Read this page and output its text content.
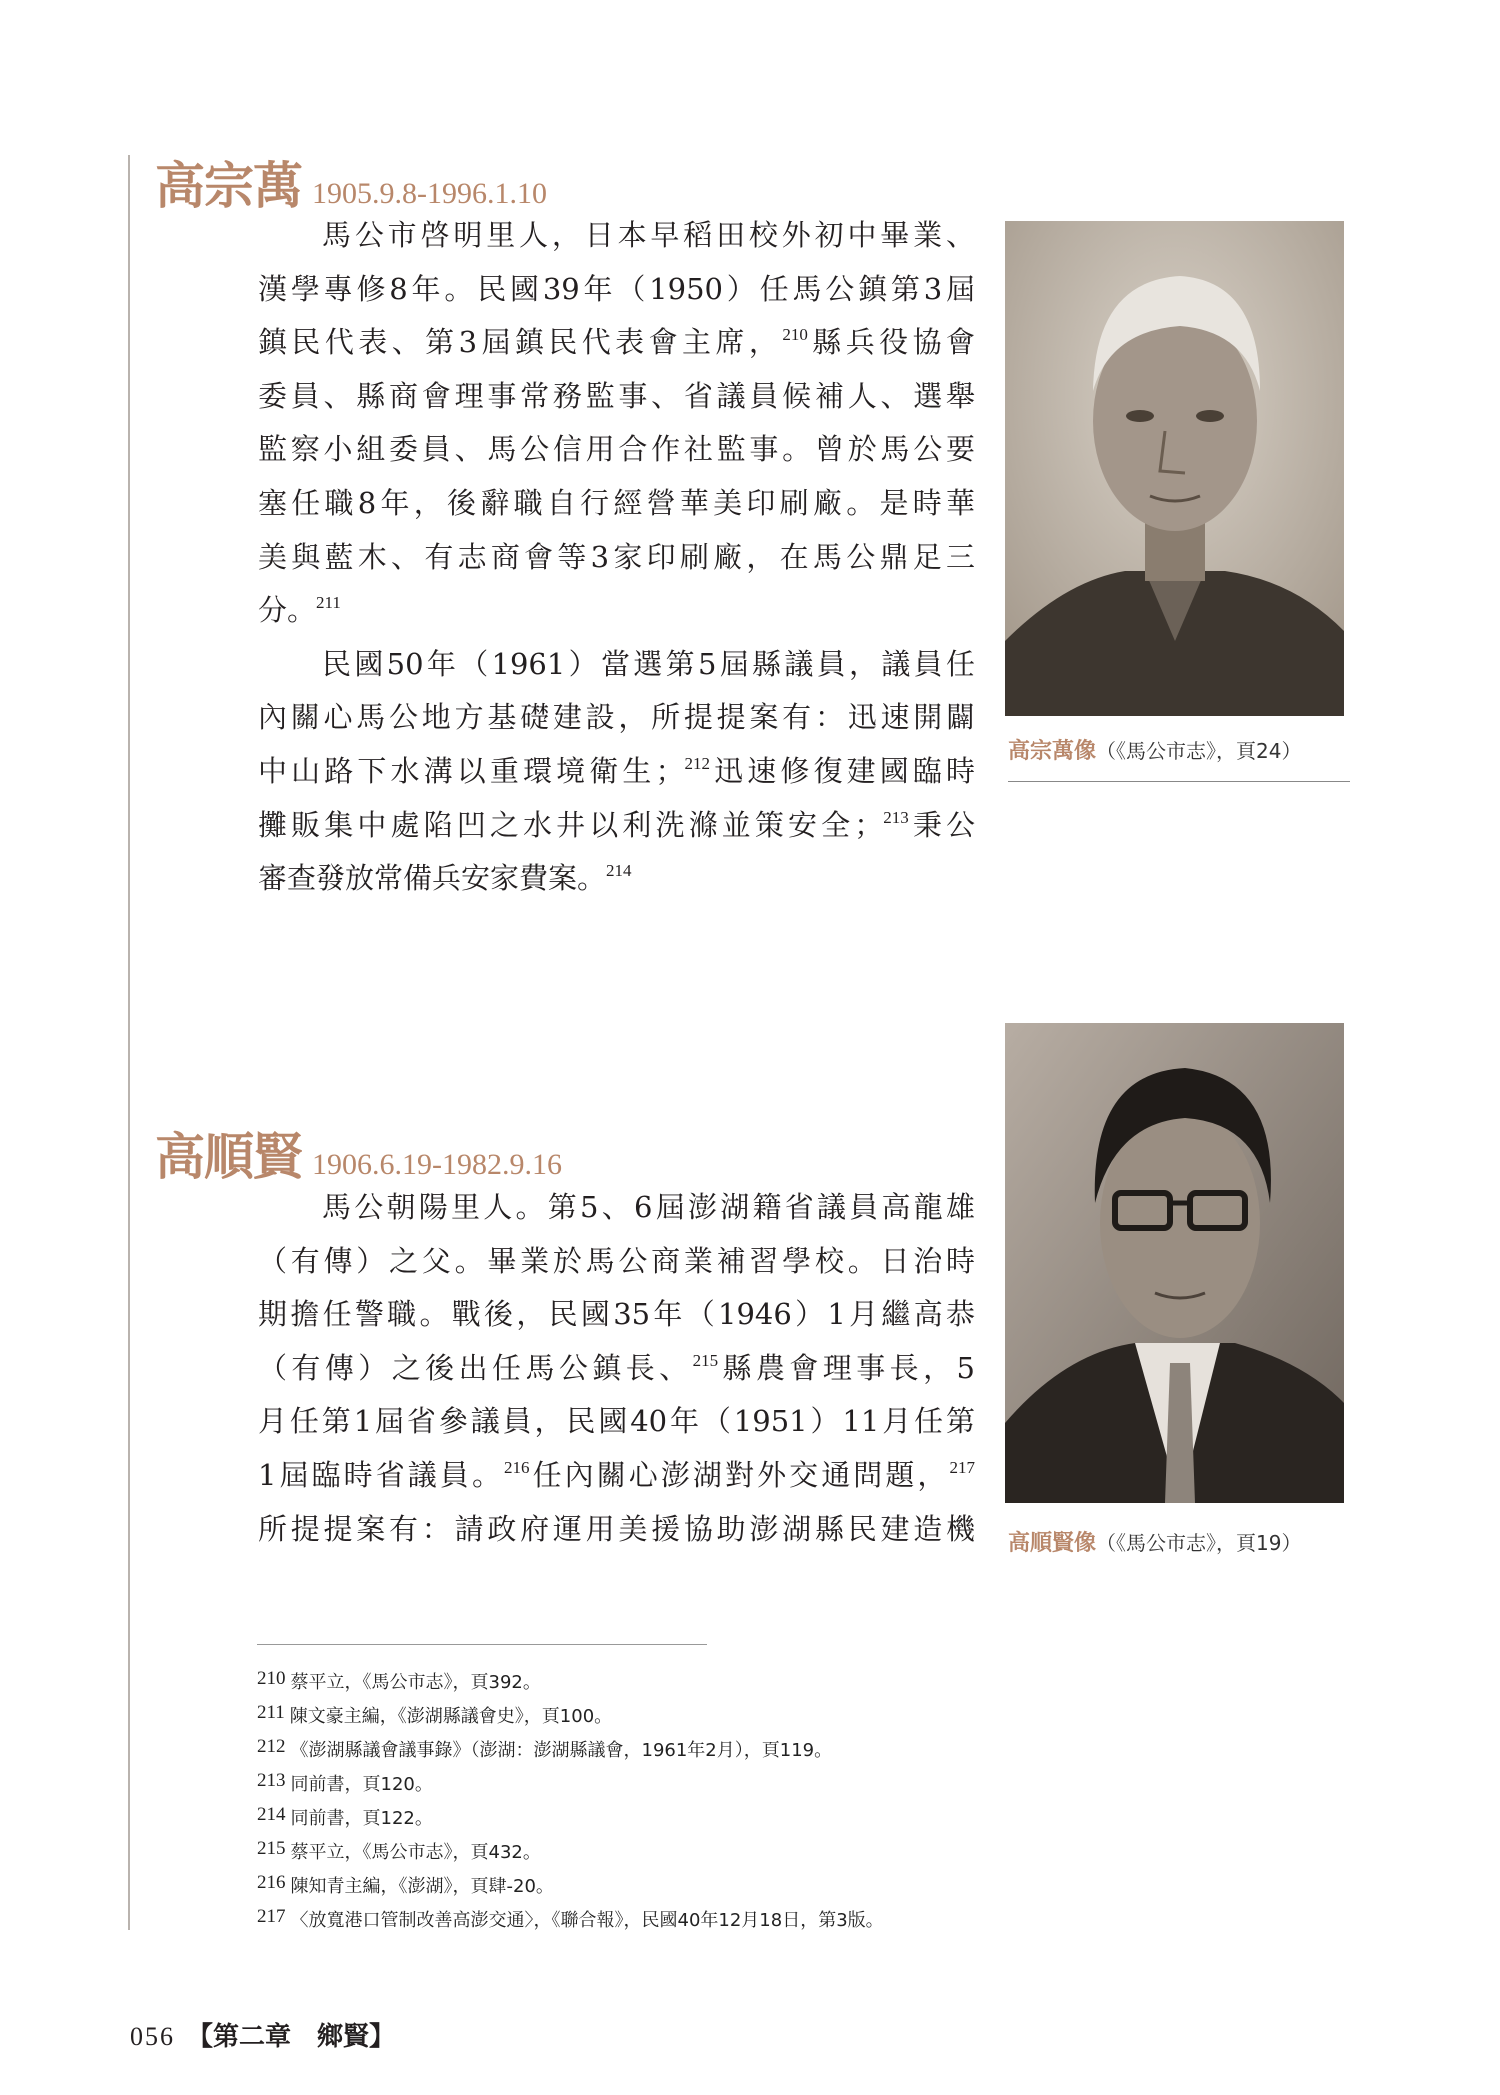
高宗萬 1905.9.8-1996.1.10
馬公市啓明里人，日本早稻田校外初中畢業、
漢學專修8年。民國39年（1950）任馬公鎮第3屆
鎮民代表、第3屆鎮民代表會主席，$^{210}$縣兵役協會
委員、縣商會理事常務監事、省議員候補人、選舉
監察小組委員、馬公信用合作社監事。曾於馬公要
塞任職8年，後辭職自行經營華美印刷廠。是時華
美與藍木、有志商會等3家印刷廠，在馬公鼎足三
分。$^{211}$
民國50年（1961）當選第5屆縣議員，議員任
內關心馬公地方基礎建設，所提提案有：迅速開闢
中山路下水溝以重環境衛生；$^{212}$迅速修復建國臨時
攤販集中處陷凹之水井以利洗滌並策安全；$^{213}$秉公
審查發放常備兵安家費案。$^{214}$
高宗萬像（《馬公市志》，頁24）
高順賢 1906.6.19-1982.9.16
馬公朝陽里人。第5、6屆澎湖籍省議員高龍雄
（有傳）之父。畢業於馬公商業補習學校。日治時
期擔任警職。戰後，民國35年（1946）1月繼高恭
（有傳）之後出任馬公鎮長、$^{215}$縣農會理事長，5
月任第1屆省參議員，民國40年（1951）11月任第
1屆臨時省議員。$^{216}$任內關心澎湖對外交通問題，$^{217}$
所提提案有：請政府運用美援協助澎湖縣民建造機 高順賢像（《馬公市志》，頁19）
210 蔡平立，《馬公市志》，頁392。
211 陳文豪主編，《澎湖縣議會史》，頁100。
212 《澎湖縣議會議事錄》（澎湖：澎湖縣議會，1961年2月），頁119。
213 同前書，頁120。
214 同前書，頁122。
215 蔡平立，《馬公市志》，頁432。
216 陳知青主編，《澎湖》，頁肆-20。
217 〈放寬港口管制改善高澎交通〉，《聯合報》，民國40年12月18日，第3版。
056 【第二章　鄉賢】
